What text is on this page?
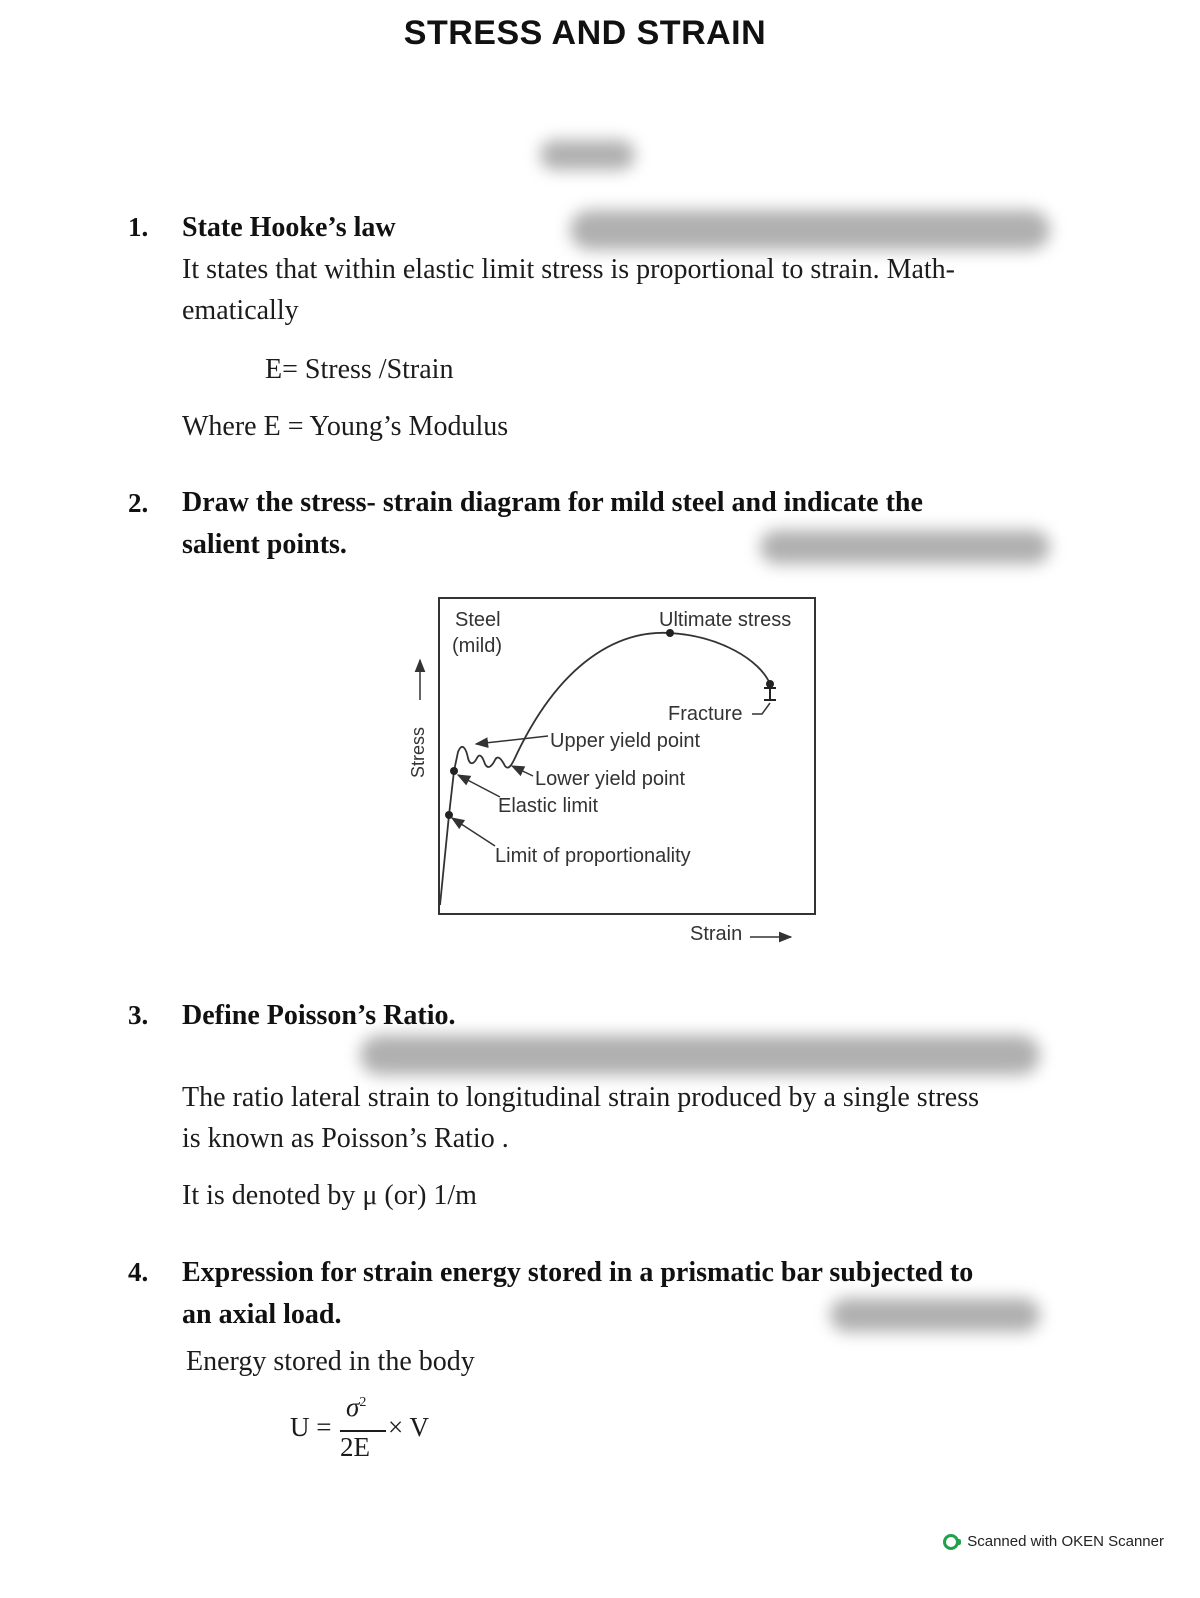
STRESS AND STRAIN
1. State Hooke’s law
It states that within elastic limit stress is proportional to strain. Math-
ematically
E= Stress /Strain
Where E = Young’s Modulus
2. Draw the stress- strain diagram for mild steel and indicate the
salient points.
Steel
(mild)
Ultimate stress
Fracture
Upper yield point
Lower yield point
Elastic limit
Limit of proportionality
Stress
Strain
3. Define Poisson’s Ratio.
The ratio lateral strain to longitudinal strain produced by a single stress
is known as Poisson’s Ratio .
It is denoted by μ (or) 1/m
4. Expression for strain energy stored in a prismatic bar subjected to
an axial load.
Energy stored in the body
U =
$\sigma^2$
2E
× V
Scanned with OKEN Scanner
